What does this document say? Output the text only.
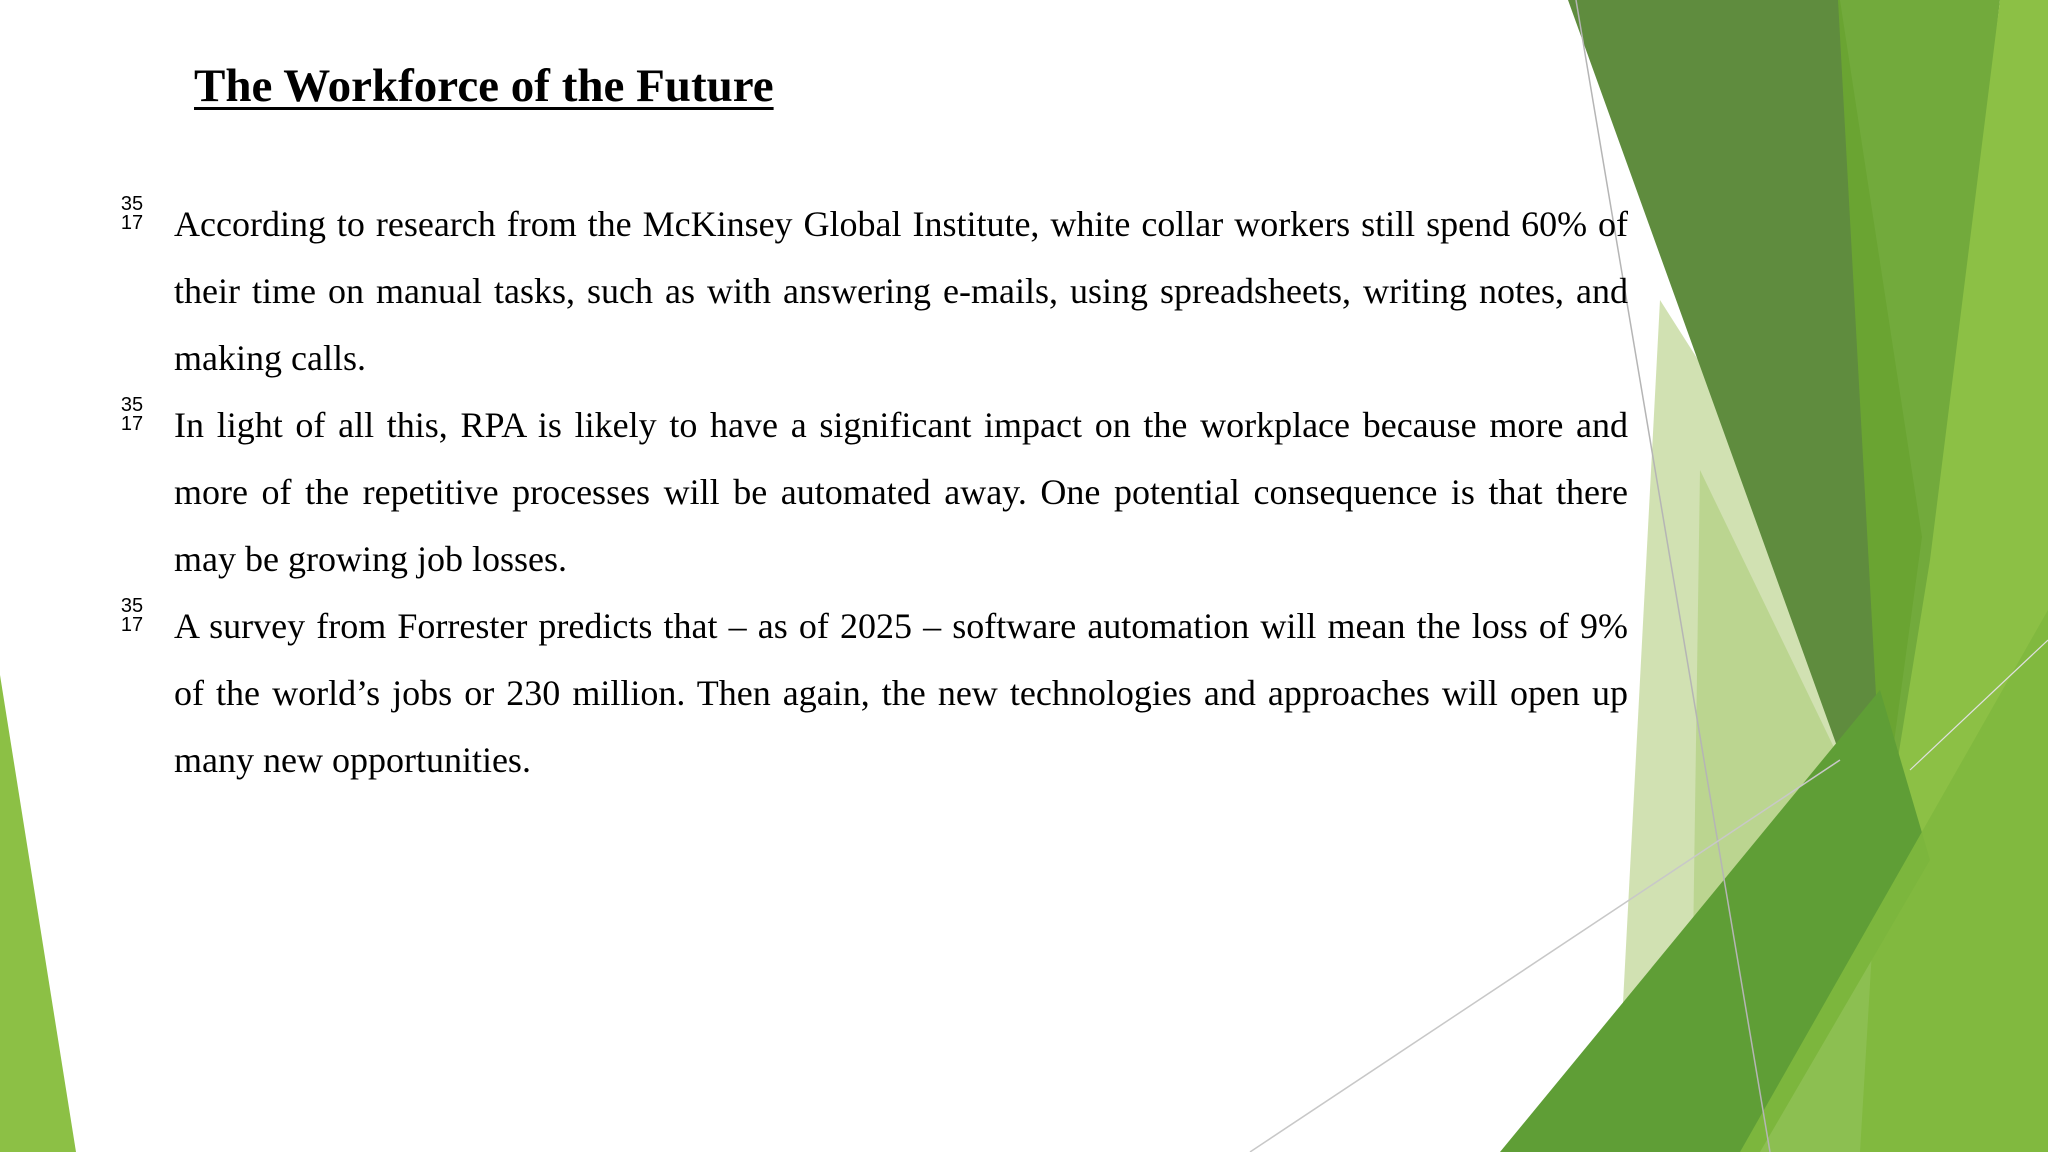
The Workforce of the Future
35
17 According to research from the McKinsey Global Institute, white collar workers still spend 60% of their time on manual tasks, such as with answering e-mails, using spreadsheets, writing notes, and making calls.

35
17 In light of all this, RPA is likely to have a significant impact on the workplace because more and more of the repetitive processes will be automated away. One potential consequence is that there may be growing job losses.

35
17 A survey from Forrester predicts that – as of 2025 – software automation will mean the loss of 9% of the world’s jobs or 230 million. Then again, the new technologies and approaches will open up many new opportunities.
